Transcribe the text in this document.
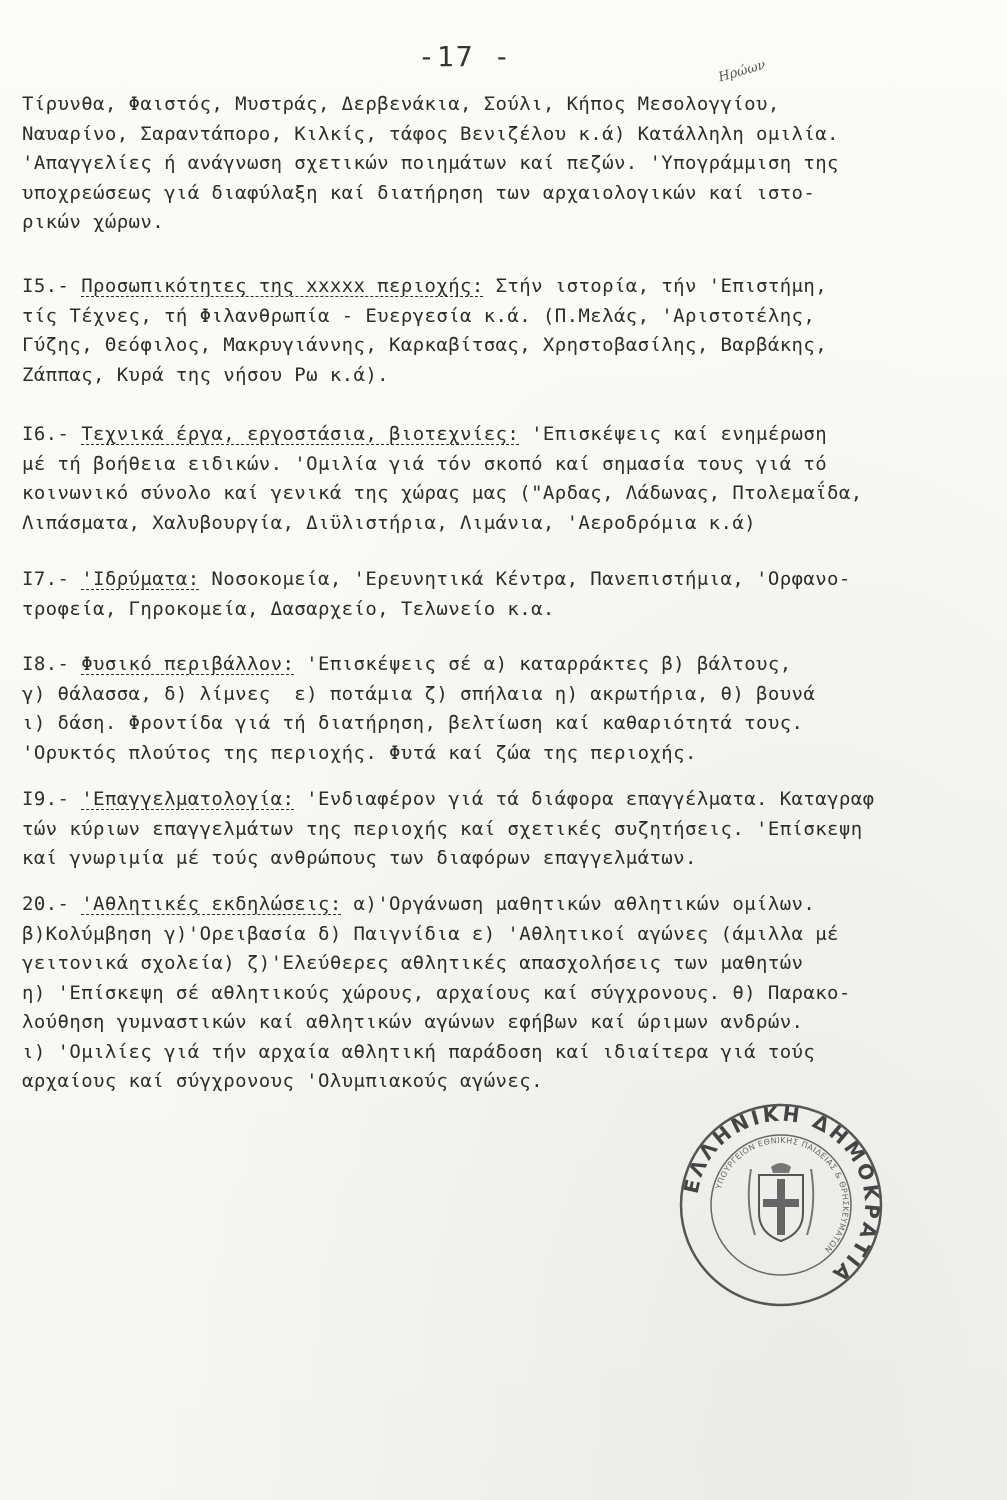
-17 -	Ηρώων

Τίρυνθα, Φαιστός, Μυστράς, Δερβενάκια, Σούλι, Κήπος Μεσολογγίου,
Ναυαρίνο, Σαραντάπορο, Κιλκίς, τάφος Βενιζέλου κ.ά) Κατάλληλη ομιλία.
'Απαγγελίες ή ανάγνωση σχετικών ποιημάτων καί πεζών. 'Υπογράμμιση της
υποχρεώσεως γιά διαφύλαξη καί διατήρηση των αρχαιολογικών καί ιστο-
ρικών χώρων.

I5.- Προσωπικότητες της xxxxx περιοχής: Στήν ιστορία, τήν 'Επιστήμη,
τίς Τέχνες, τή Φιλανθρωπία - Ευεργεσία κ.ά. (Π.Μελάς, 'Αριστοτέλης,
Γύζης, Θεόφιλος, Μακρυγιάννης, Καρκαβίτσας, Χρηστοβασίλης, Βαρβάκης,
Ζάππας, Κυρά της νήσου Ρω κ.ά).

I6.- Τεχνικά έργα, εργοστάσια, βιοτεχνίες: 'Επισκέψεις καί ενημέρωση
μέ τή βοήθεια ειδικών. 'Ομιλία γιά τόν σκοπό καί σημασία τους γιά τό
κοινωνικό σύνολο καί γενικά της χώρας μας ("Αρδας, Λάδωνας, Πτολεμαΐδα,
Λιπάσματα, Χαλυβουργία, Διϋλιστήρια, Λιμάνια, 'Αεροδρόμια κ.ά)

I7.- 'Ιδρύματα: Νοσοκομεία, 'Ερευνητικά Κέντρα, Πανεπιστήμια, 'Ορφανο-
τροφεία, Γηροκομεία, Δασαρχείο, Τελωνείο κ.α.

I8.- Φυσικό περιβάλλον: 'Επισκέψεις σέ α) καταρράκτες β) βάλτους,
γ) θάλασσα, δ) λίμνες  ε) ποτάμια ζ) σπήλαια η) ακρωτήρια, θ) βουνά
ι) δάση. Φροντίδα γιά τή διατήρηση, βελτίωση καί καθαριότητά τους.
'Ορυκτός πλούτος της περιοχής. Φυτά καί ζώα της περιοχής.

I9.- 'Επαγγελματολογία: 'Ενδιαφέρον γιά τά διάφορα επαγγέλματα. Καταγραφ
τών κύριων επαγγελμάτων της περιοχής καί σχετικές συζητήσεις. 'Επίσκεψη
καί γνωριμία μέ τούς ανθρώπους των διαφόρων επαγγελμάτων.

20.- 'Αθλητικές εκδηλώσεις: α)'Οργάνωση μαθητικών αθλητικών ομίλων.
β)Κολύμβηση γ)'Ορειβασία δ) Παιγνίδια ε) 'Αθλητικοί αγώνες (άμιλλα μέ
γειτονικά σχολεία) ζ)'Ελεύθερες αθλητικές απασχολήσεις των μαθητών
η) 'Επίσκεψη σέ αθλητικούς χώρους, αρχαίους καί σύγχρονους. θ) Παρακο-
λούθηση γυμναστικών καί αθλητικών αγώνων εφήβων καί ώριμων ανδρών.
ι) 'Ομιλίες γιά τήν αρχαία αθλητική παράδοση καί ιδιαίτερα γιά τούς
αρχαίους καί σύγχρονους 'Ολυμπιακούς αγώνες.

ΕΛΛΗΝΙΚΗ ΔΗΜΟΚΡΑΤΙΑ
ΥΠΟΥΡΓΕΙΟΝ ΕΘΝΙΚΗΣ ΠΑΙΔΕΙΑΣ & ΘΡΗΣΚΕΥΜΑΤΩΝ
